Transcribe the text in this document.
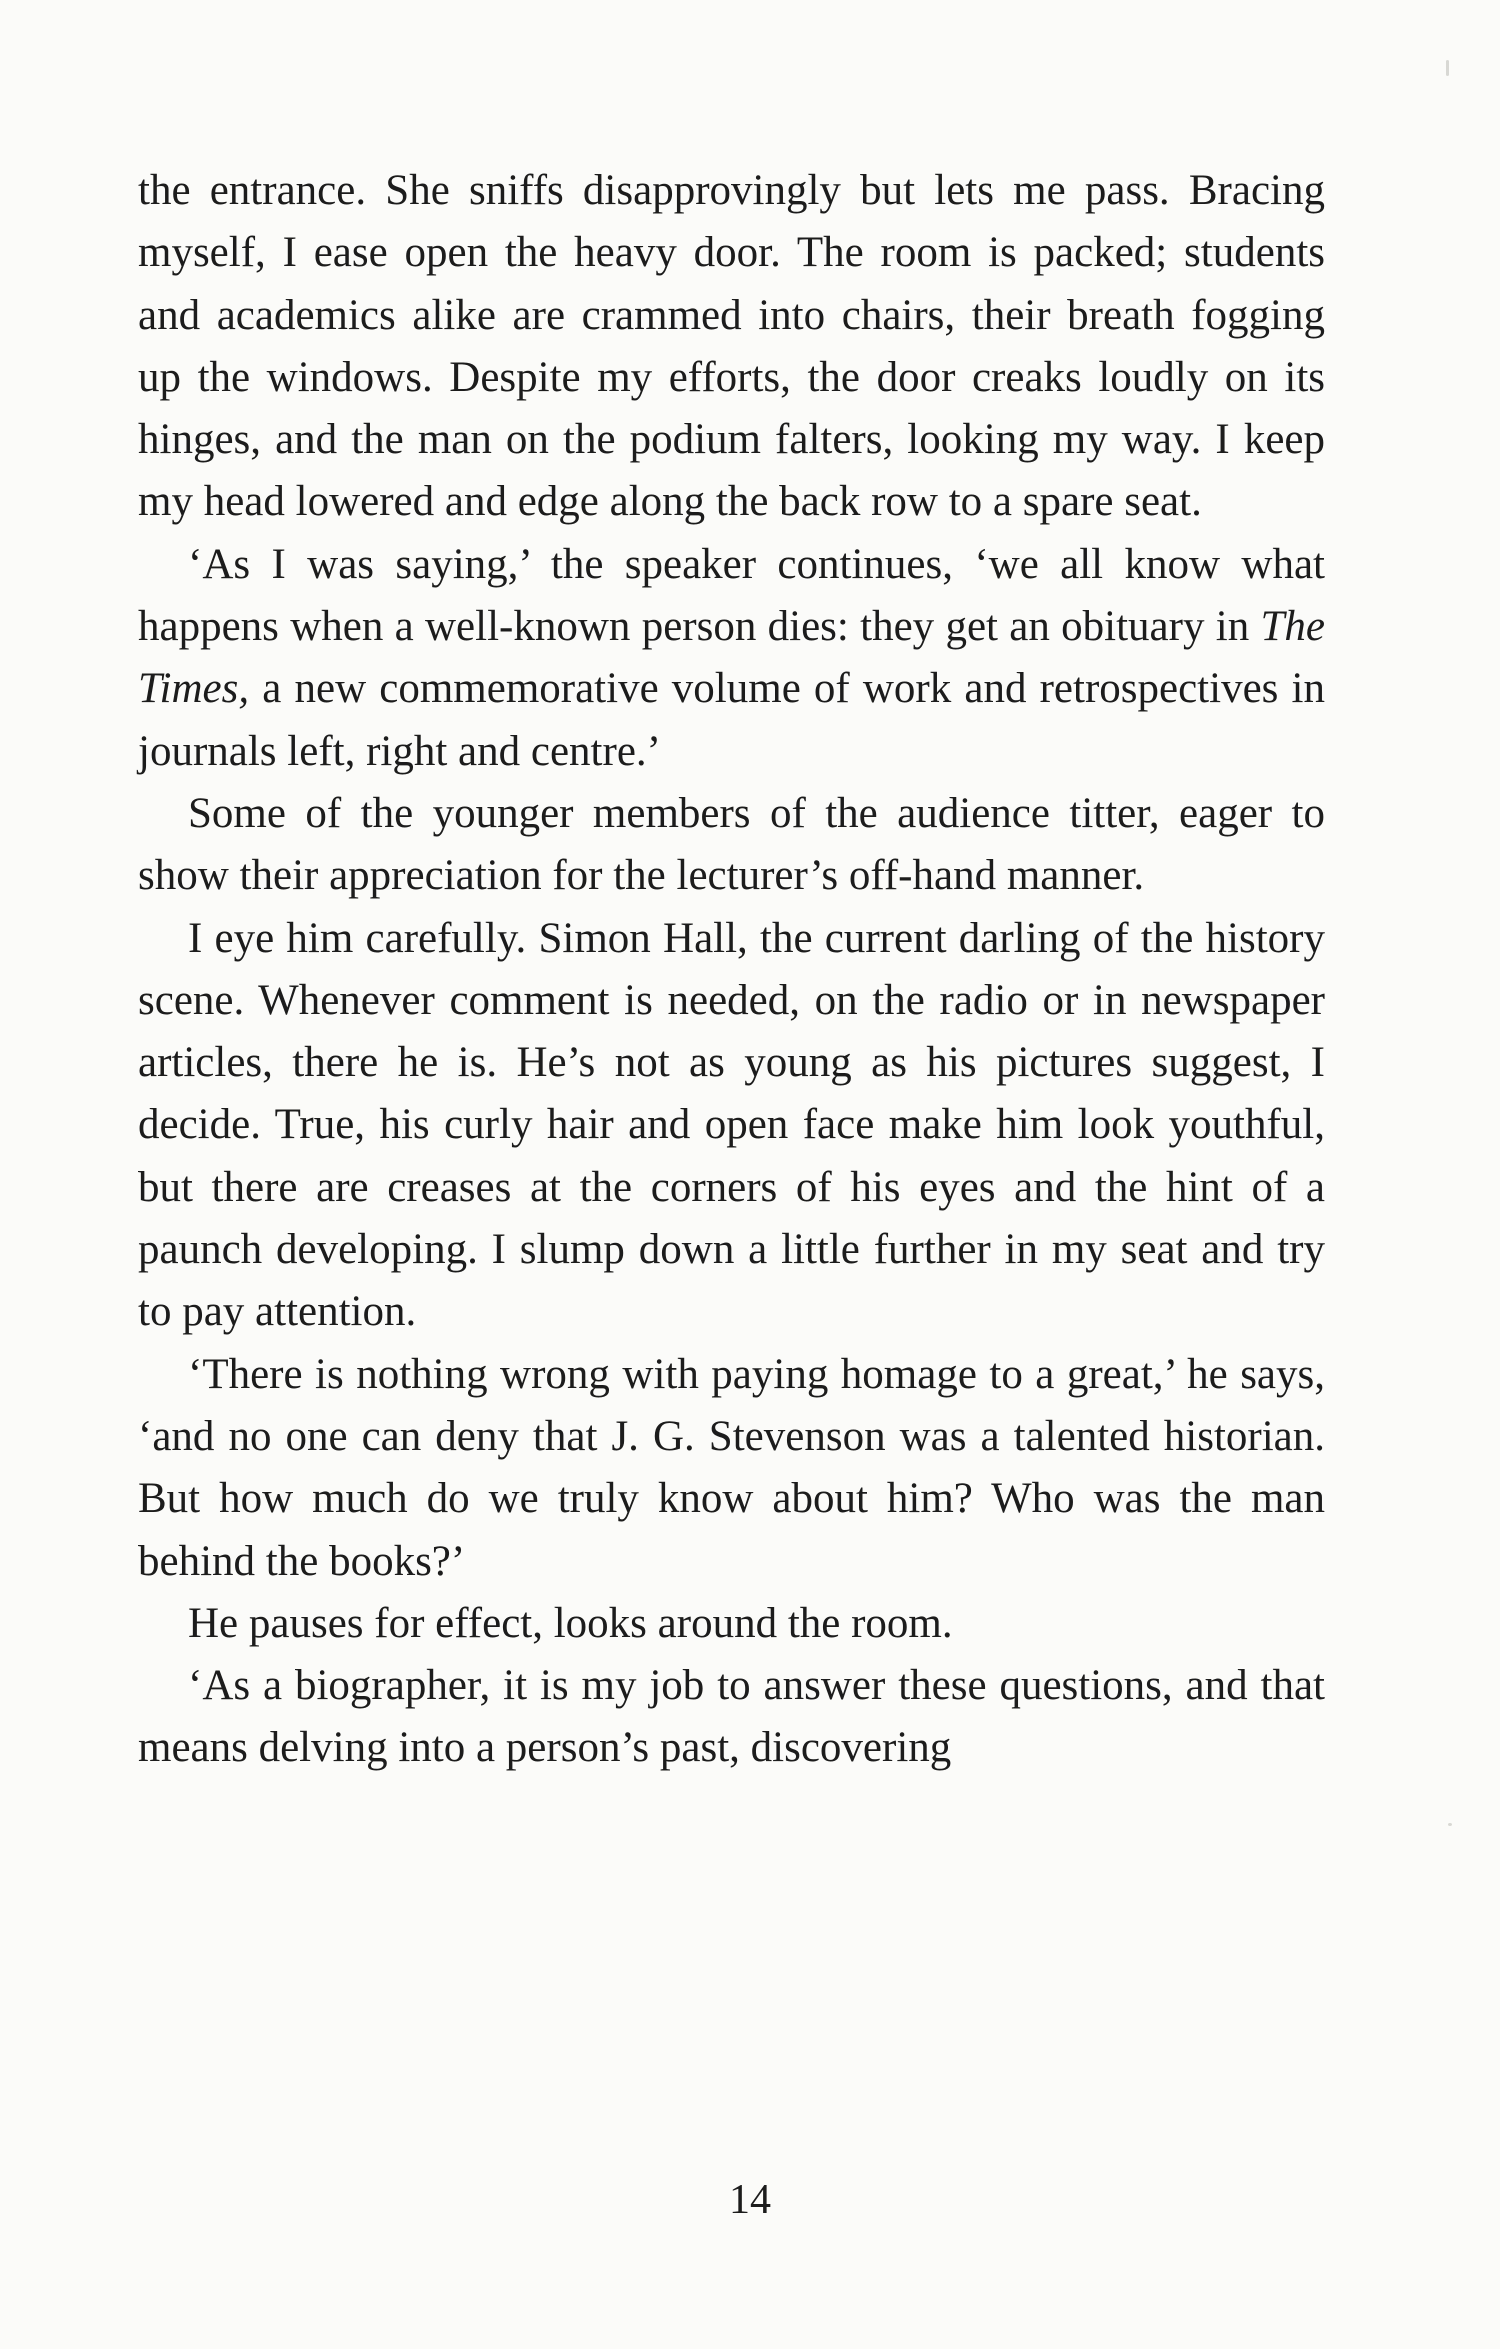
the entrance. She sniffs disapprovingly but lets me pass. Bracing myself, I ease open the heavy door. The room is packed; students and academics alike are crammed into chairs, their breath fogging up the windows. Despite my efforts, the door creaks loudly on its hinges, and the man on the podium falters, looking my way. I keep my head lowered and edge along the back row to a spare seat.

‘As I was saying,’ the speaker continues, ‘we all know what happens when a well-known person dies: they get an obituary in The Times, a new commemorative volume of work and retrospectives in journals left, right and centre.’

Some of the younger members of the audience titter, eager to show their appreciation for the lecturer’s off-hand manner.

I eye him carefully. Simon Hall, the current darling of the history scene. Whenever comment is needed, on the radio or in newspaper articles, there he is. He’s not as young as his pictures suggest, I decide. True, his curly hair and open face make him look youthful, but there are creases at the corners of his eyes and the hint of a paunch developing. I slump down a little further in my seat and try to pay attention.

‘There is nothing wrong with paying homage to a great,’ he says, ‘and no one can deny that J. G. Stevenson was a talented historian. But how much do we truly know about him? Who was the man behind the books?’

He pauses for effect, looks around the room.

‘As a biographer, it is my job to answer these questions, and that means delving into a person’s past, discovering

14
